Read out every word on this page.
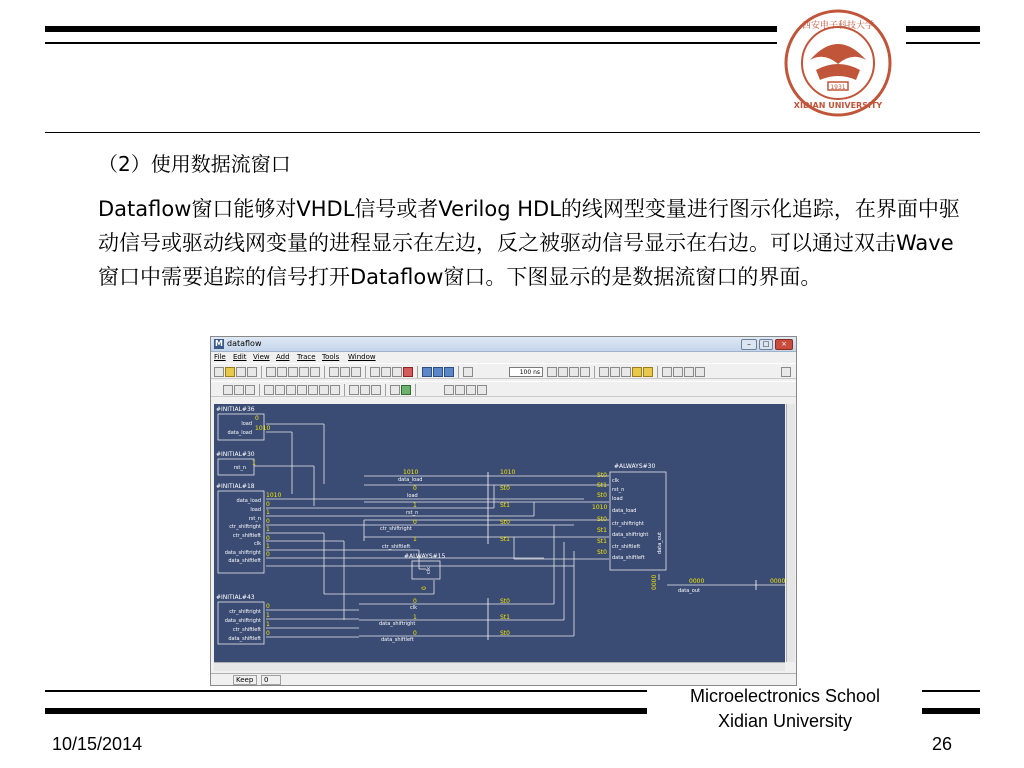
1931
西安电子科技大学
XIDIAN UNIVERSITY
（2）使用数据流窗口
Dataflow窗口能够对VHDL信号或者Verilog HDL的线网型变量进行图示化追踪，在界面中驱动信号或驱动线网变量的进程显示在左边，反之被驱动信号显示在右边。可以通过双击Wave窗口中需要追踪的信号打开Dataflow窗口。下图显示的是数据流窗口的界面。
M dataflow	–	□	×
File Edit View Add Trace Tools Window
100 ns
#INITIAL#36
load
data_load
0
1010
#INITIAL#30
rst_n
1
#INITIAL#18
data_load
load
rst_n
ctr_shiftright
ctr_shiftleft
clk
data_shiftright
data_shiftleft
1010
0
1
0
1
0
1
0
#INITIAL#43
ctr_shiftright
data_shiftright
ctr_shiftleft
data_shiftleft
0
1
1
0
data_load
load
rst_n
ctr_shiftright
ctr_shiftleft
clk
data_shiftright
data_shiftleft
data_out
1010	1010
0	St0
1	St1
0	St0
1	St1
0	St0
1	St1
0	St0
0000	0000
#ALWAYS#30
clk
rst_n
load
data_load
ctr_shiftright
data_shiftright
ctr_shiftleft
data_shiftleft
St0
St1
St0
1010
St0
St1
St1
St0	data_out
0000
#ALWAYS#15
clk
0
Keep	0
Microelectronics School
Xidian University
10/15/2014	26
